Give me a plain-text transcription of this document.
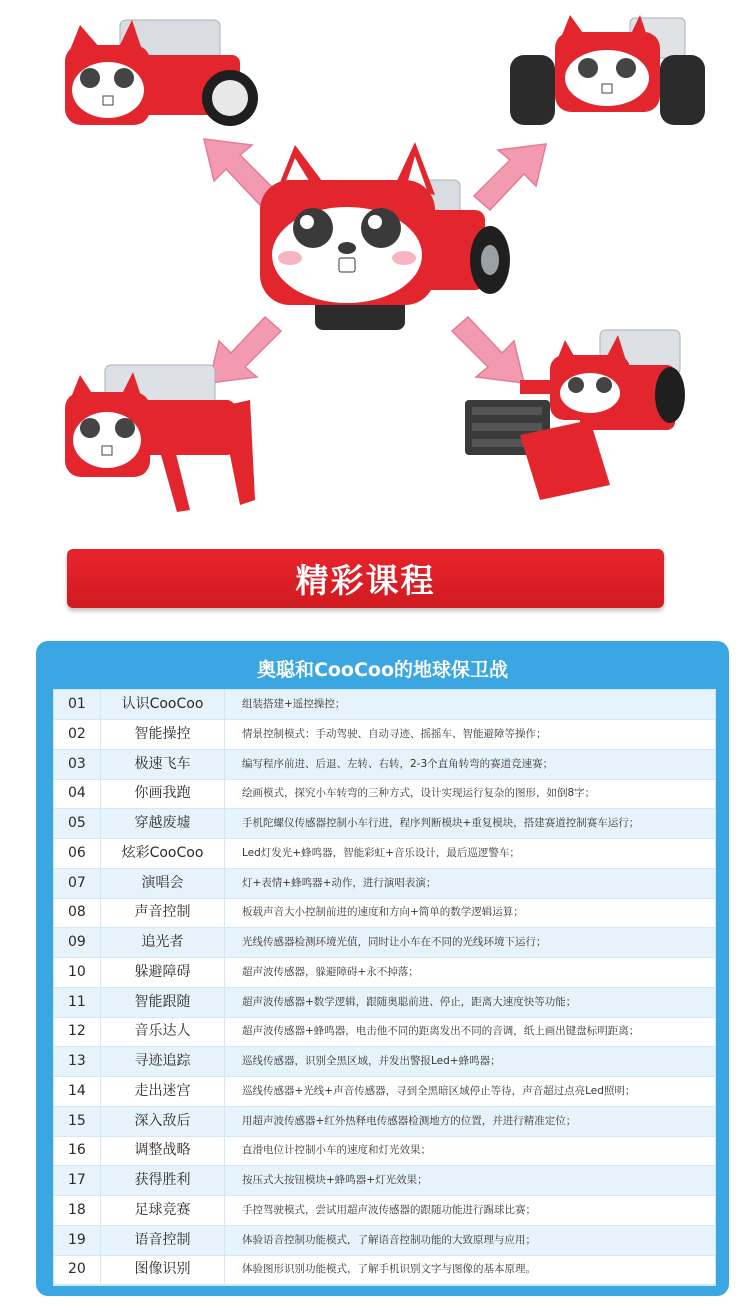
精彩课程
奥聪和CooCoo的地球保卫战
01	认识CooCoo	组装搭建+遥控操控；
02	智能操控	情景控制模式：手动驾驶、自动寻迹、摇摇车、智能避障等操作；
03	极速飞车	编写程序前进、后退、左转、右转，2-3个直角转弯的赛道竞速赛；
04	你画我跑	绘画模式，探究小车转弯的三种方式，设计实现运行复杂的图形，如倒8字；
05	穿越废墟	手机陀螺仪传感器控制小车行进，程序判断模块+重复模块，搭建赛道控制赛车运行；
06	炫彩CooCoo	Led灯发光+蜂鸣器，智能彩虹+音乐设计，最后巡逻警车；
07	演唱会	灯+表情+蜂鸣器+动作，进行演唱表演；
08	声音控制	板载声音大小控制前进的速度和方向+简单的数学逻辑运算；
09	追光者	光线传感器检测环境光值，同时让小车在不同的光线环境下运行；
10	躲避障碍	超声波传感器，躲避障碍+永不掉落；
11	智能跟随	超声波传感器+数学逻辑，跟随奥聪前进、停止，距离大速度快等功能；
12	音乐达人	超声波传感器+蜂鸣器，电击他不同的距离发出不同的音调，纸上画出键盘标明距离；
13	寻迹追踪	巡线传感器，识别全黑区域，并发出警报Led+蜂鸣器；
14	走出迷宫	巡线传感器+光线+声音传感器，寻到全黑暗区域停止等待，声音超过点亮Led照明；
15	深入敌后	用超声波传感器+红外热释电传感器检测地方的位置，并进行精准定位；
16	调整战略	直滑电位计控制小车的速度和灯光效果；
17	获得胜利	按压式大按钮模块+蜂鸣器+灯光效果；
18	足球竞赛	手控驾驶模式，尝试用超声波传感器的跟随功能进行踢球比赛；
19	语音控制	体验语音控制功能模式，了解语音控制功能的大致原理与应用；
20	图像识别	体验图形识别功能模式，了解手机识别文字与图像的基本原理。
